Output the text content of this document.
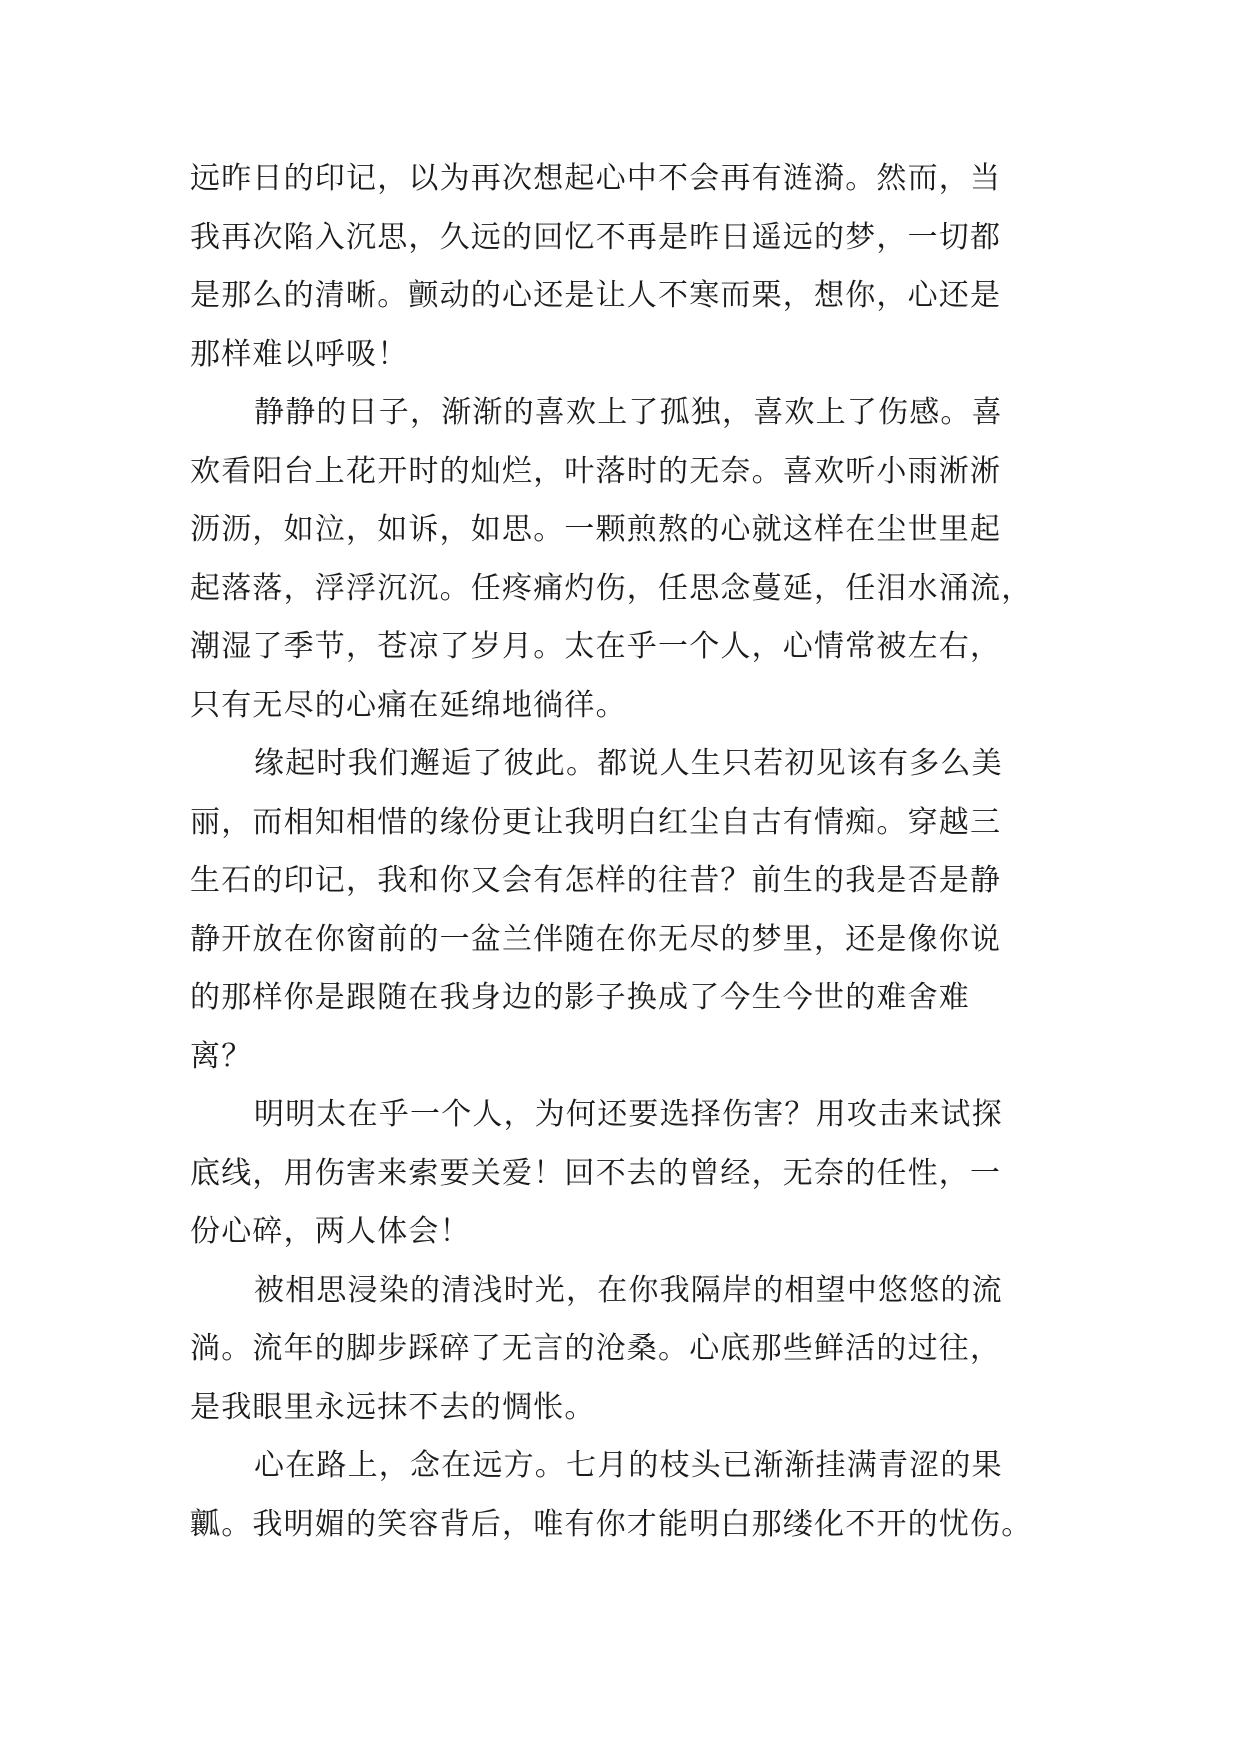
远昨日的印记，以为再次想起心中不会再有涟漪。然而，当

我再次陷入沉思，久远的回忆不再是昨日遥远的梦，一切都

是那么的清晰。颤动的心还是让人不寒而栗，想你，心还是

那样难以呼吸！

静静的日子，渐渐的喜欢上了孤独，喜欢上了伤感。喜

欢看阳台上花开时的灿烂，叶落时的无奈。喜欢听小雨淅淅

沥沥，如泣，如诉，如思。一颗煎熬的心就这样在尘世里起

起落落，浮浮沉沉。任疼痛灼伤，任思念蔓延，任泪水涌流，

潮湿了季节，苍凉了岁月。太在乎一个人，心情常被左右，

只有无尽的心痛在延绵地徜徉。

缘起时我们邂逅了彼此。都说人生只若初见该有多么美

丽，而相知相惜的缘份更让我明白红尘自古有情痴。穿越三

生石的印记，我和你又会有怎样的往昔？前生的我是否是静

静开放在你窗前的一盆兰伴随在你无尽的梦里，还是像你说

的那样你是跟随在我身边的影子换成了今生今世的难舍难

离？

明明太在乎一个人，为何还要选择伤害？用攻击来试探

底线，用伤害来索要关爱！回不去的曾经，无奈的任性，一

份心碎，两人体会！

被相思浸染的清浅时光，在你我隔岸的相望中悠悠的流

淌。流年的脚步踩碎了无言的沧桑。心底那些鲜活的过往，

是我眼里永远抹不去的惆怅。

心在路上，念在远方。七月的枝头已渐渐挂满青涩的果

瓤。我明媚的笑容背后，唯有你才能明白那缕化不开的忧伤。
